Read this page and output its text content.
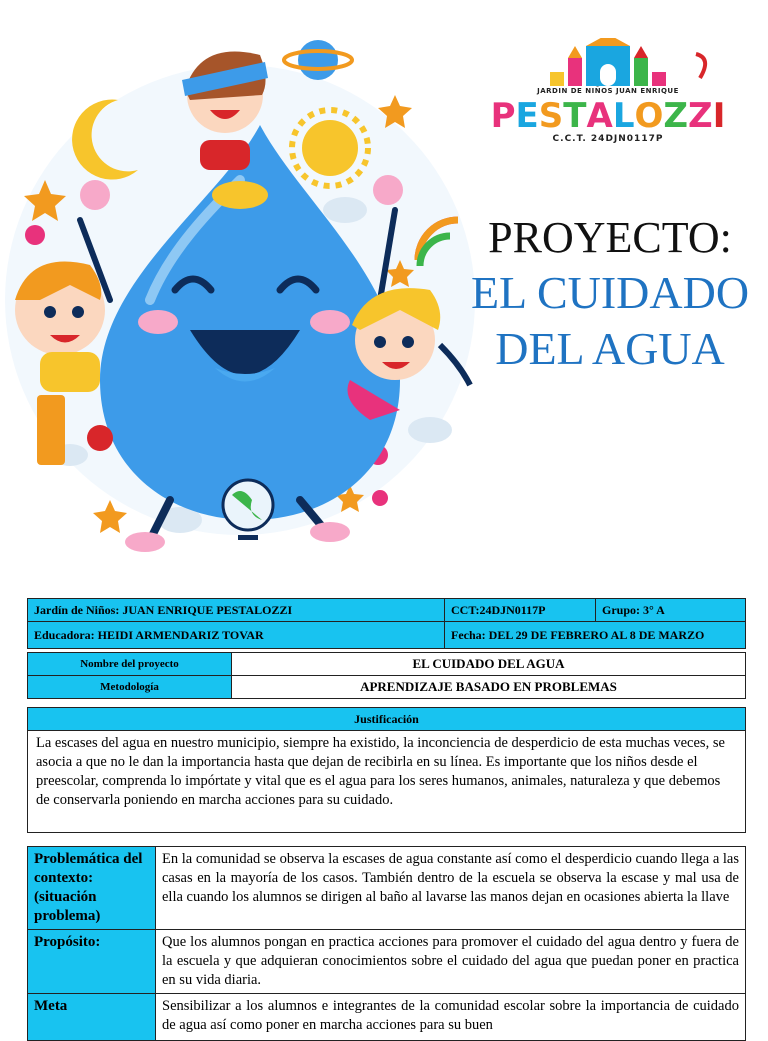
JARDIN DE NIÑOS JUAN ENRIQUE
PESTALOZZI
C.C.T. 24DJN0117P
PROYECTO:
EL CUIDADO
DEL AGUA
Jardín de Niños: JUAN ENRIQUE PESTALOZZI	CCT:24DJN0117P	Grupo: 3° A
Educadora: HEIDI ARMENDARIZ TOVAR	Fecha: DEL 29 DE FEBRERO AL 8 DE MARZO	
Nombre del proyecto	EL CUIDADO DEL AGUA
Metodología	APRENDIZAJE BASADO EN PROBLEMAS
Justificación
La escases del agua en nuestro municipio, siempre ha existido, la inconciencia de desperdicio de esta muchas veces, se asocia a que no le dan la importancia hasta que dejan de recibirla en su línea. Es importante que los niños desde el preescolar, comprenda lo impórtate y vital que es el agua para los seres humanos, animales, naturaleza y que debemos de conservarla poniendo en marcha acciones para su cuidado.
Problemática del contexto: (situación problema)	En la comunidad se observa la escases de agua constante así como el desperdicio cuando llega a las casas en la mayoría de los casos. También dentro de la escuela se observa la escase y mal usa de ella cuando los alumnos se dirigen al baño al lavarse las manos dejan en ocasiones abierta la llave
Propósito:	Que los alumnos pongan en practica acciones para promover el cuidado del agua dentro y fuera de la escuela y que adquieran conocimientos sobre el cuidado del agua que puedan poner en practica en su vida diaria.
Meta	Sensibilizar a los alumnos e integrantes de la comunidad escolar sobre la importancia de cuidado de agua así como poner en marcha acciones para su buen
